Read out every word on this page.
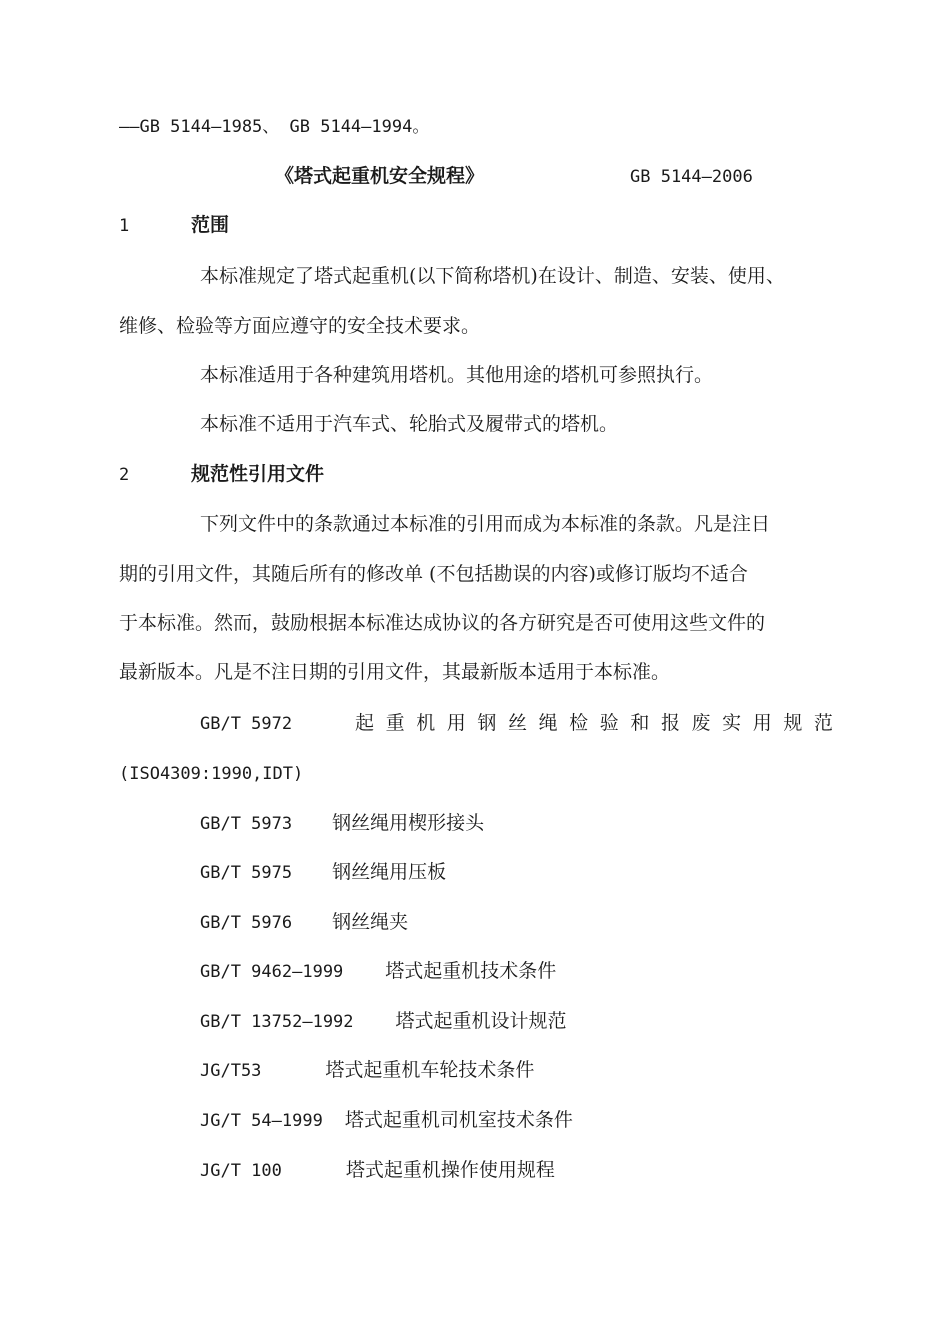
——GB 5144—1985、 GB 5144—1994。
《塔式起重机安全规程》	GB 5144—2006
1	范围
本标准规定了塔式起重机(以下简称塔机)在设计、制造、安装、使用、
维修、检验等方面应遵守的安全技术要求。
本标准适用于各种建筑用塔机。其他用途的塔机可参照执行。
本标准不适用于汽车式、轮胎式及履带式的塔机。
2	规范性引用文件
下列文件中的条款通过本标准的引用而成为本标准的条款。凡是注日
期的引用文件，其随后所有的修改单 (不包括勘误的内容)或修订版均不适合
于本标准。然而，鼓励根据本标准达成协议的各方研究是否可使用这些文件的
最新版本。凡是不注日期的引用文件，其最新版本适用于本标准。
GB/T 5972	起 重 机 用 钢 丝 绳 检 验 和 报 废 实 用 规 范
(ISO4309:1990,IDT)
GB/T 5973 钢丝绳用楔形接头
GB/T 5975 钢丝绳用压板
GB/T 5976 钢丝绳夹
GB/T 9462—1999 塔式起重机技术条件
GB/T 13752—1992 塔式起重机设计规范
JG/T53	塔式起重机车轮技术条件
JG/T 54—1999 塔式起重机司机室技术条件
JG/T 100	塔式起重机操作使用规程
